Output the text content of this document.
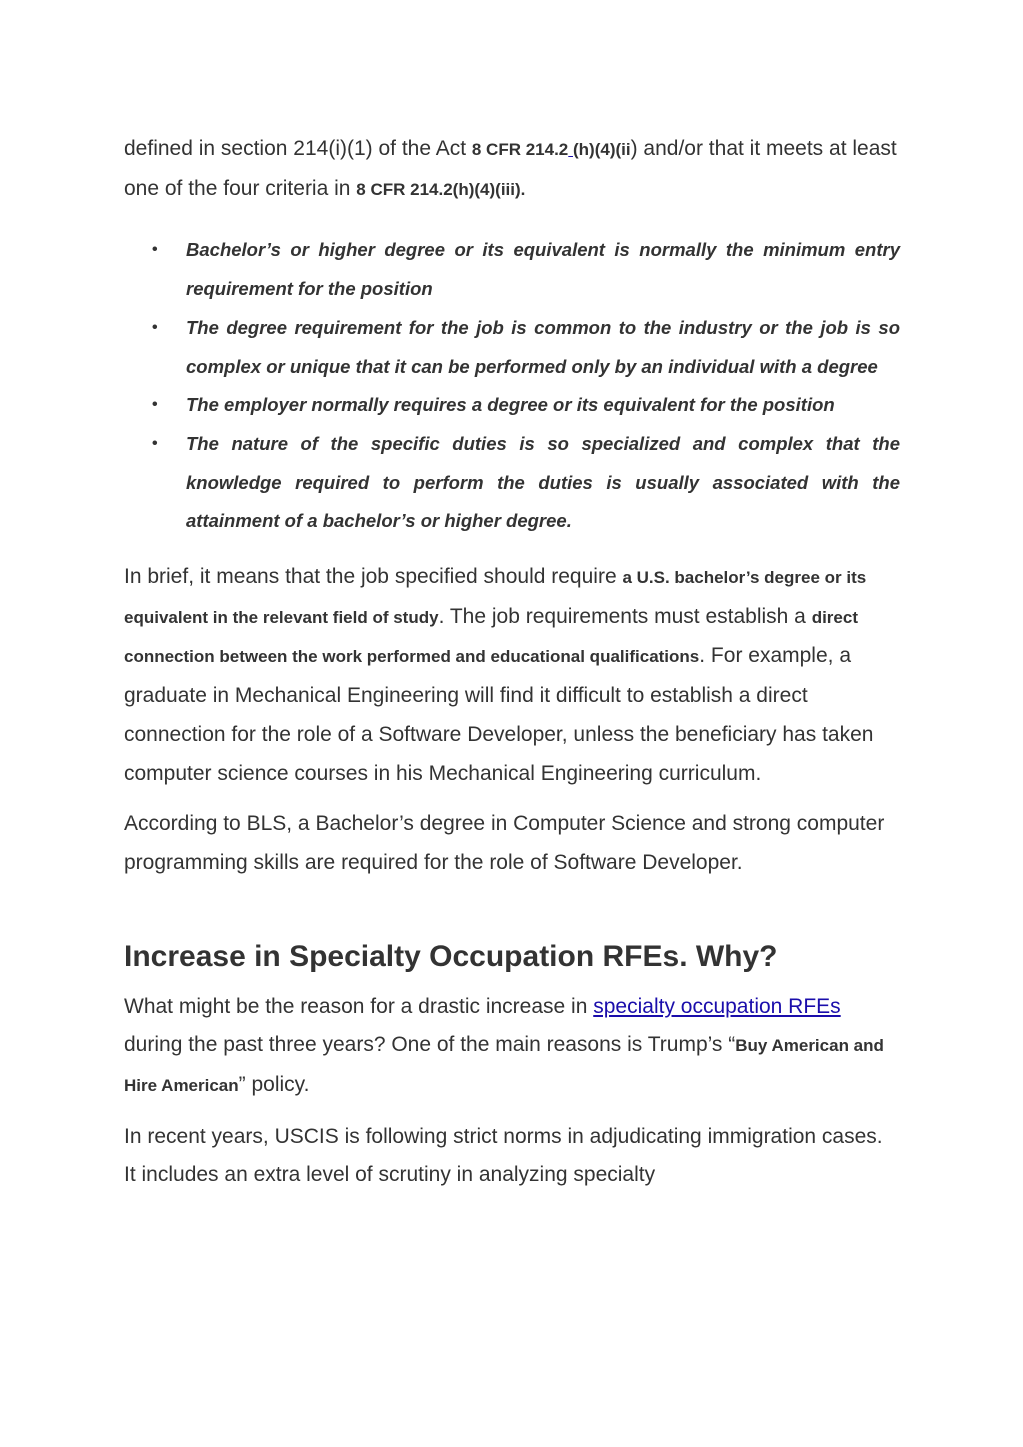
defined in section 214(i)(1) of the Act 8 CFR 214.2 (h)(4)(ii) and/or that it meets at least one of the four criteria in 8 CFR 214.2(h)(4)(iii).

• Bachelor’s or higher degree or its equivalent is normally the minimum entry requirement for the position
• The degree requirement for the job is common to the industry or the job is so complex or unique that it can be performed only by an individual with a degree
• The employer normally requires a degree or its equivalent for the position
• The nature of the specific duties is so specialized and complex that the knowledge required to perform the duties is usually associated with the attainment of a bachelor’s or higher degree.

In brief, it means that the job specified should require a U.S. bachelor’s degree or its equivalent in the relevant field of study. The job requirements must establish a direct connection between the work performed and educational qualifications. For example, a graduate in Mechanical Engineering will find it difficult to establish a direct connection for the role of a Software Developer, unless the beneficiary has taken computer science courses in his Mechanical Engineering curriculum.

According to BLS, a Bachelor’s degree in Computer Science and strong computer programming skills are required for the role of Software Developer.

Increase in Specialty Occupation RFEs. Why?

What might be the reason for a drastic increase in specialty occupation RFEs during the past three years? One of the main reasons is Trump’s “Buy American and Hire American” policy.

In recent years, USCIS is following strict norms in adjudicating immigration cases. It includes an extra level of scrutiny in analyzing specialty
